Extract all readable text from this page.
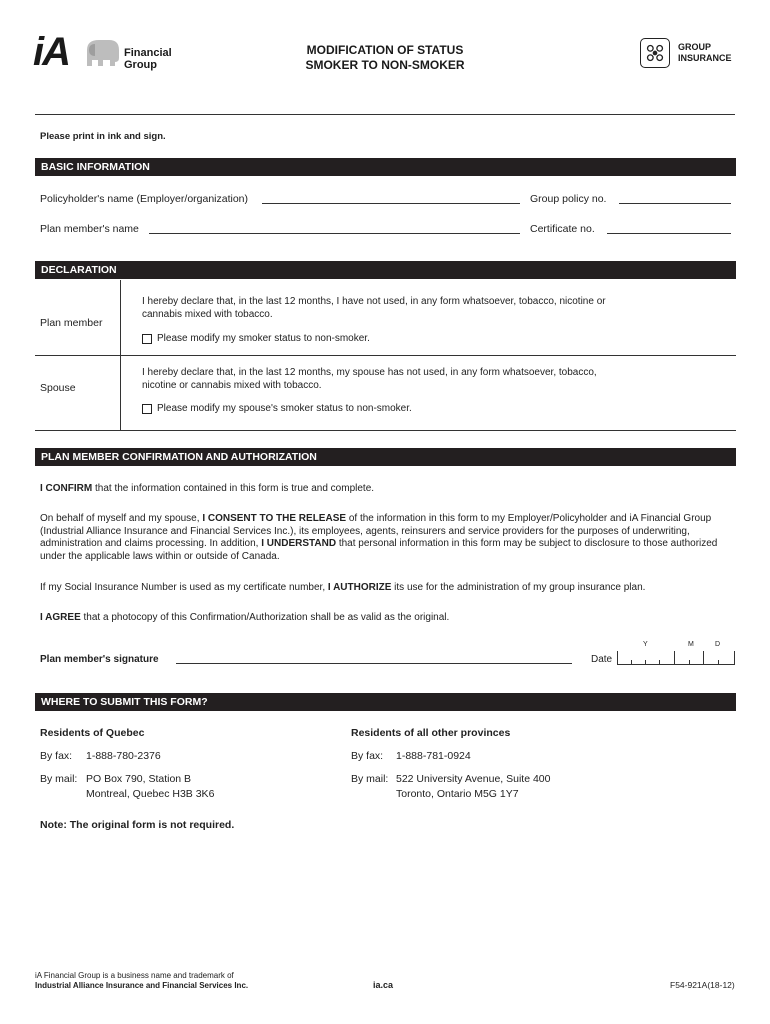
iA	Financial
Group
MODIFICATION OF STATUS
SMOKER TO NON-SMOKER
GROUP
INSURANCE
Please print in ink and sign.
BASIC INFORMATION
Policyholder's name (Employer/organization)	Group policy no.
Plan member's name	Certificate no.
DECLARATION
Plan member
I hereby declare that, in the last 12 months, I have not used, in any form whatsoever, tobacco, nicotine or cannabis mixed with tobacco.
Please modify my smoker status to non-smoker.
Spouse
I hereby declare that, in the last 12 months, my spouse has not used, in any form whatsoever, tobacco, nicotine or cannabis mixed with tobacco.
Please modify my spouse's smoker status to non-smoker.
PLAN MEMBER CONFIRMATION AND AUTHORIZATION
I CONFIRM that the information contained in this form is true and complete.
On behalf of myself and my spouse, I CONSENT TO THE RELEASE of the information in this form to my Employer/Policyholder and iA Financial Group (Industrial Alliance Insurance and Financial Services Inc.), its employees, agents, reinsurers and service providers for the purposes of underwriting, administration and claims processing. In addition, I UNDERSTAND that personal information in this form may be subject to disclosure to those authorized under the applicable laws within or outside of Canada.
If my Social Insurance Number is used as my certificate number, I AUTHORIZE its use for the administration of my group insurance plan.
I AGREE that a photocopy of this Confirmation/Authorization shall be as valid as the original.
Plan member's signature	Date
Y	M	D
WHERE TO SUBMIT THIS FORM?
Residents of Quebec
By fax: 1-888-780-2376
By mail: PO Box 790, Station B
Montreal, Quebec H3B 3K6
Residents of all other provinces
By fax: 1-888-781-0924
By mail: 522 University Avenue, Suite 400
Toronto, Ontario M5G 1Y7
Note: The original form is not required.
iA Financial Group is a business name and trademark of
Industrial Alliance Insurance and Financial Services Inc.	ia.ca	F54-921A(18-12)
